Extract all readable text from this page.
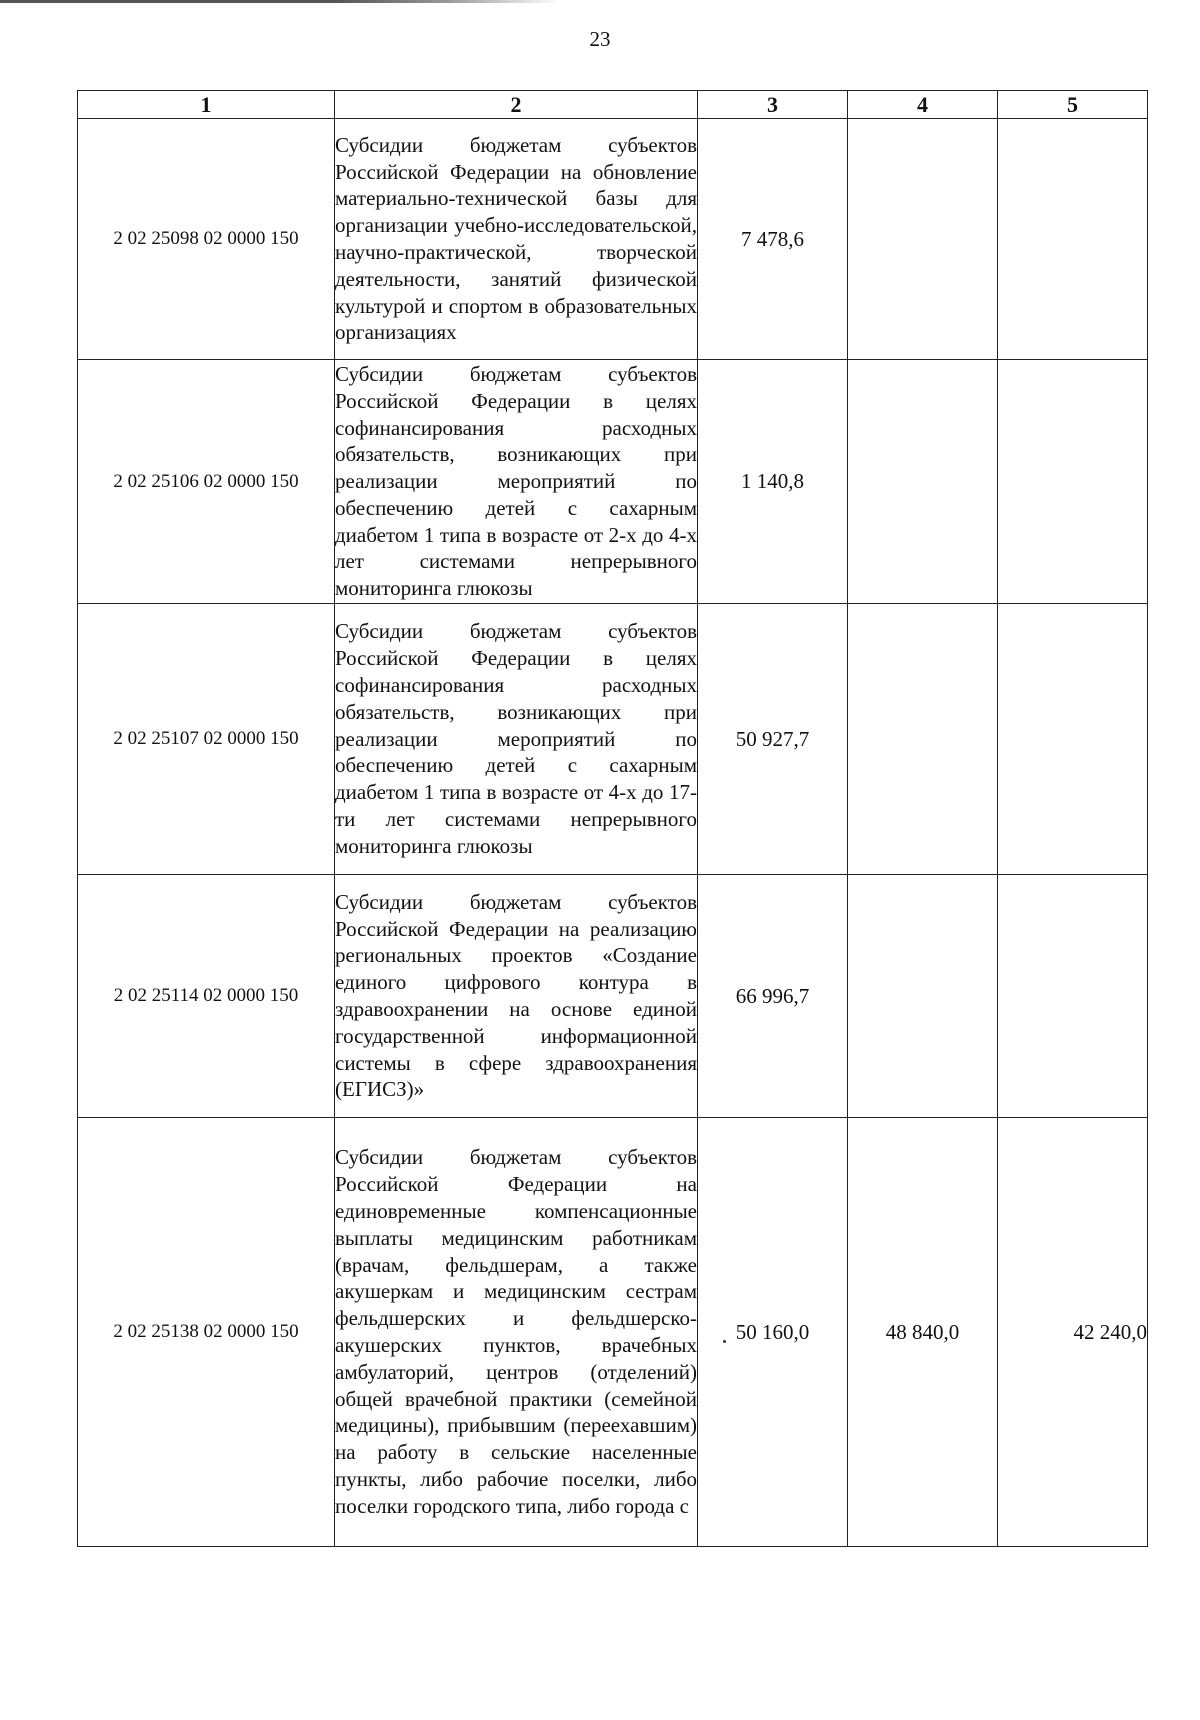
23
1	2	3	4	5
2 02 25098 02 0000 150	Субсидии бюджетам субъектов Российской Федерации на обновление материально-технической базы для организации учебно-исследовательской, научно-практической, творческой деятельности, занятий физической культурой и спортом в образовательных организациях	7 478,6		
2 02 25106 02 0000 150	Субсидии бюджетам субъектов Российской Федерации в целях софинансирования расходных обязательств, возникающих при реализации мероприятий по обеспечению детей с сахарным диабетом 1 типа в возрасте от 2-х до 4-х лет системами непрерывного мониторинга глюкозы	1 140,8		
2 02 25107 02 0000 150	Субсидии бюджетам субъектов Российской Федерации в целях софинансирования расходных обязательств, возникающих при реализации мероприятий по обеспечению детей с сахарным диабетом 1 типа в возрасте от 4-х до 17-ти лет системами непрерывного мониторинга глюкозы	50 927,7		
2 02 25114 02 0000 150	Субсидии бюджетам субъектов Российской Федерации на реализацию региональных проектов «Создание единого цифрового контура в здравоохранении на основе единой государственной информационной системы в сфере здравоохранения (ЕГИСЗ)»	66 996,7		
2 02 25138 02 0000 150	Субсидии бюджетам субъектов Российской Федерации на единовременные компенсационные выплаты медицинским работникам (врачам, фельдшерам, а также акушеркам и медицинским сестрам фельдшерских и фельдшерско-акушерских пунктов, врачебных амбулаторий, центров (отделений) общей врачебной практики (семейной медицины), прибывшим (переехавшим) на работу в сельские населенные пункты, либо рабочие поселки, либо поселки городского типа, либо города с	50 160,0	48 840,0	42 240,0
